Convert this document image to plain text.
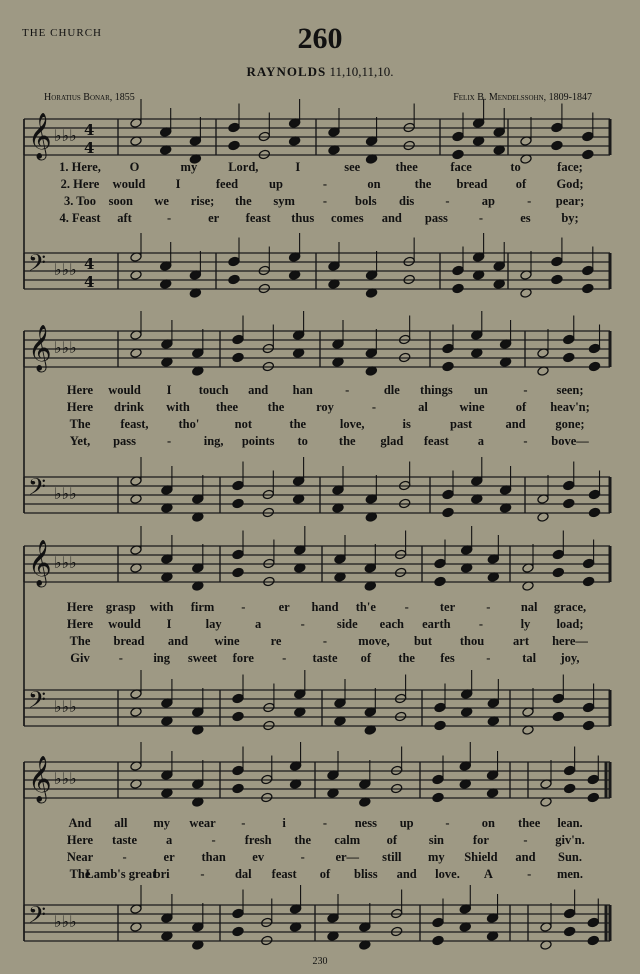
THE CHURCH	260
RAYNOLDS 11,10,11,10.
Horatius Bonar, 1855	Felix B. Mendelssohn, 1809-1847
𝄞 ♭♭♭ 4
4
𝄢 ♭♭♭ 4
4
𝄞 ♭♭♭
𝄢 ♭♭♭
𝄞 ♭♭♭
𝄢 ♭♭♭
𝄞 ♭♭♭
𝄢 ♭♭♭
1. Here, O	my Lord,	I	see	thee	face	to	face;
2. Here would I	feed up	-	on	the bread of God;
3. Too soon we rise; the sym - bols dis -	ap	- pear;
4. Feast aft	-	er feast thus comes and pass -	es by;
Here would I touch and han	-	dle things un	- seen;
Here drink with thee the	roy	-	al	wine	of heav'n;
The feast, tho'	not	the	love,	is	past	and gone;
Yet, pass -	ing, points to the glad feast a	- bove—
Here grasp with firm -	er hand th'e - ter - nal grace,
Here would I	lay	a	-	side each earth -	ly load;
The bread and wine re	- move, but thou art here—
Giv - ing sweet fore - taste of the fes	-	tal joy,
And all my wear -	i	- ness up	-	on thee lean.
Here taste a	- fresh the calm of	sin for	- giv'n.
Near -	er than ev	- er— still my Shield and Sun.
The
Lamb's great
bri - dal feast of bliss and love. A	- men.
230
